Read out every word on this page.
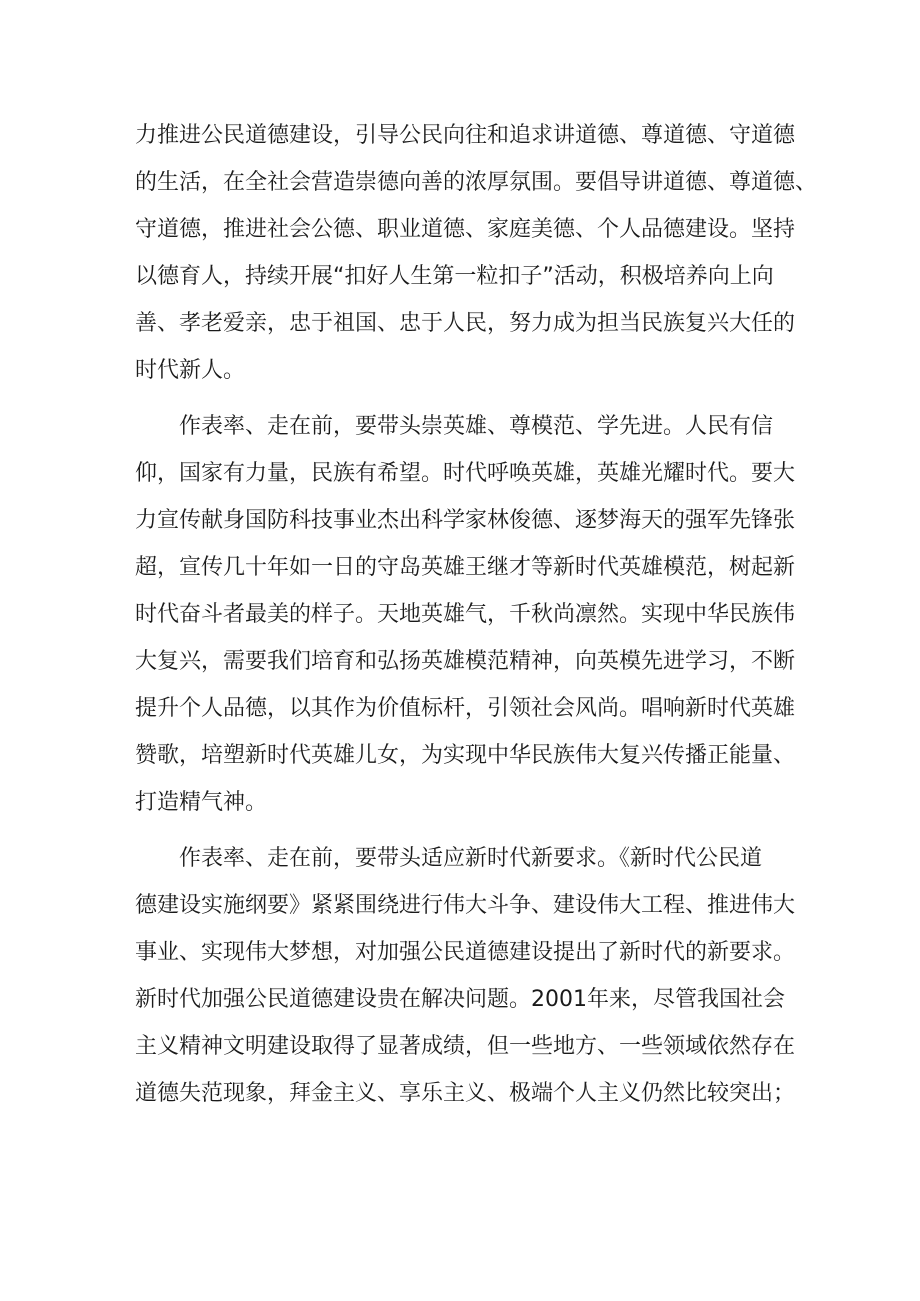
力推进公民道德建设，引导公民向往和追求讲道德、尊道德、守道德
的生活，在全社会营造崇德向善的浓厚氛围。要倡导讲道德、尊道德、
守道德，推进社会公德、职业道德、家庭美德、个人品德建设。坚持
以德育人，持续开展“扣好人生第一粒扣子”活动，积极培养向上向
善、孝老爱亲，忠于祖国、忠于人民，努力成为担当民族复兴大任的
时代新人。
作表率、走在前，要带头崇英雄、尊模范、学先进。人民有信
仰，国家有力量，民族有希望。时代呼唤英雄，英雄光耀时代。要大
力宣传献身国防科技事业杰出科学家林俊德、逐梦海天的强军先锋张
超，宣传几十年如一日的守岛英雄王继才等新时代英雄模范，树起新
时代奋斗者最美的样子。天地英雄气，千秋尚凛然。实现中华民族伟
大复兴，需要我们培育和弘扬英雄模范精神，向英模先进学习，不断
提升个人品德，以其作为价值标杆，引领社会风尚。唱响新时代英雄
赞歌，培塑新时代英雄儿女，为实现中华民族伟大复兴传播正能量、
打造精气神。
作表率、走在前，要带头适应新时代新要求。《新时代公民道
德建设实施纲要》紧紧围绕进行伟大斗争、建设伟大工程、推进伟大
事业、实现伟大梦想，对加强公民道德建设提出了新时代的新要求。
新时代加强公民道德建设贵在解决问题。2001年来，尽管我国社会
主义精神文明建设取得了显著成绩，但一些地方、一些领域依然存在
道德失范现象，拜金主义、享乐主义、极端个人主义仍然比较突出；
